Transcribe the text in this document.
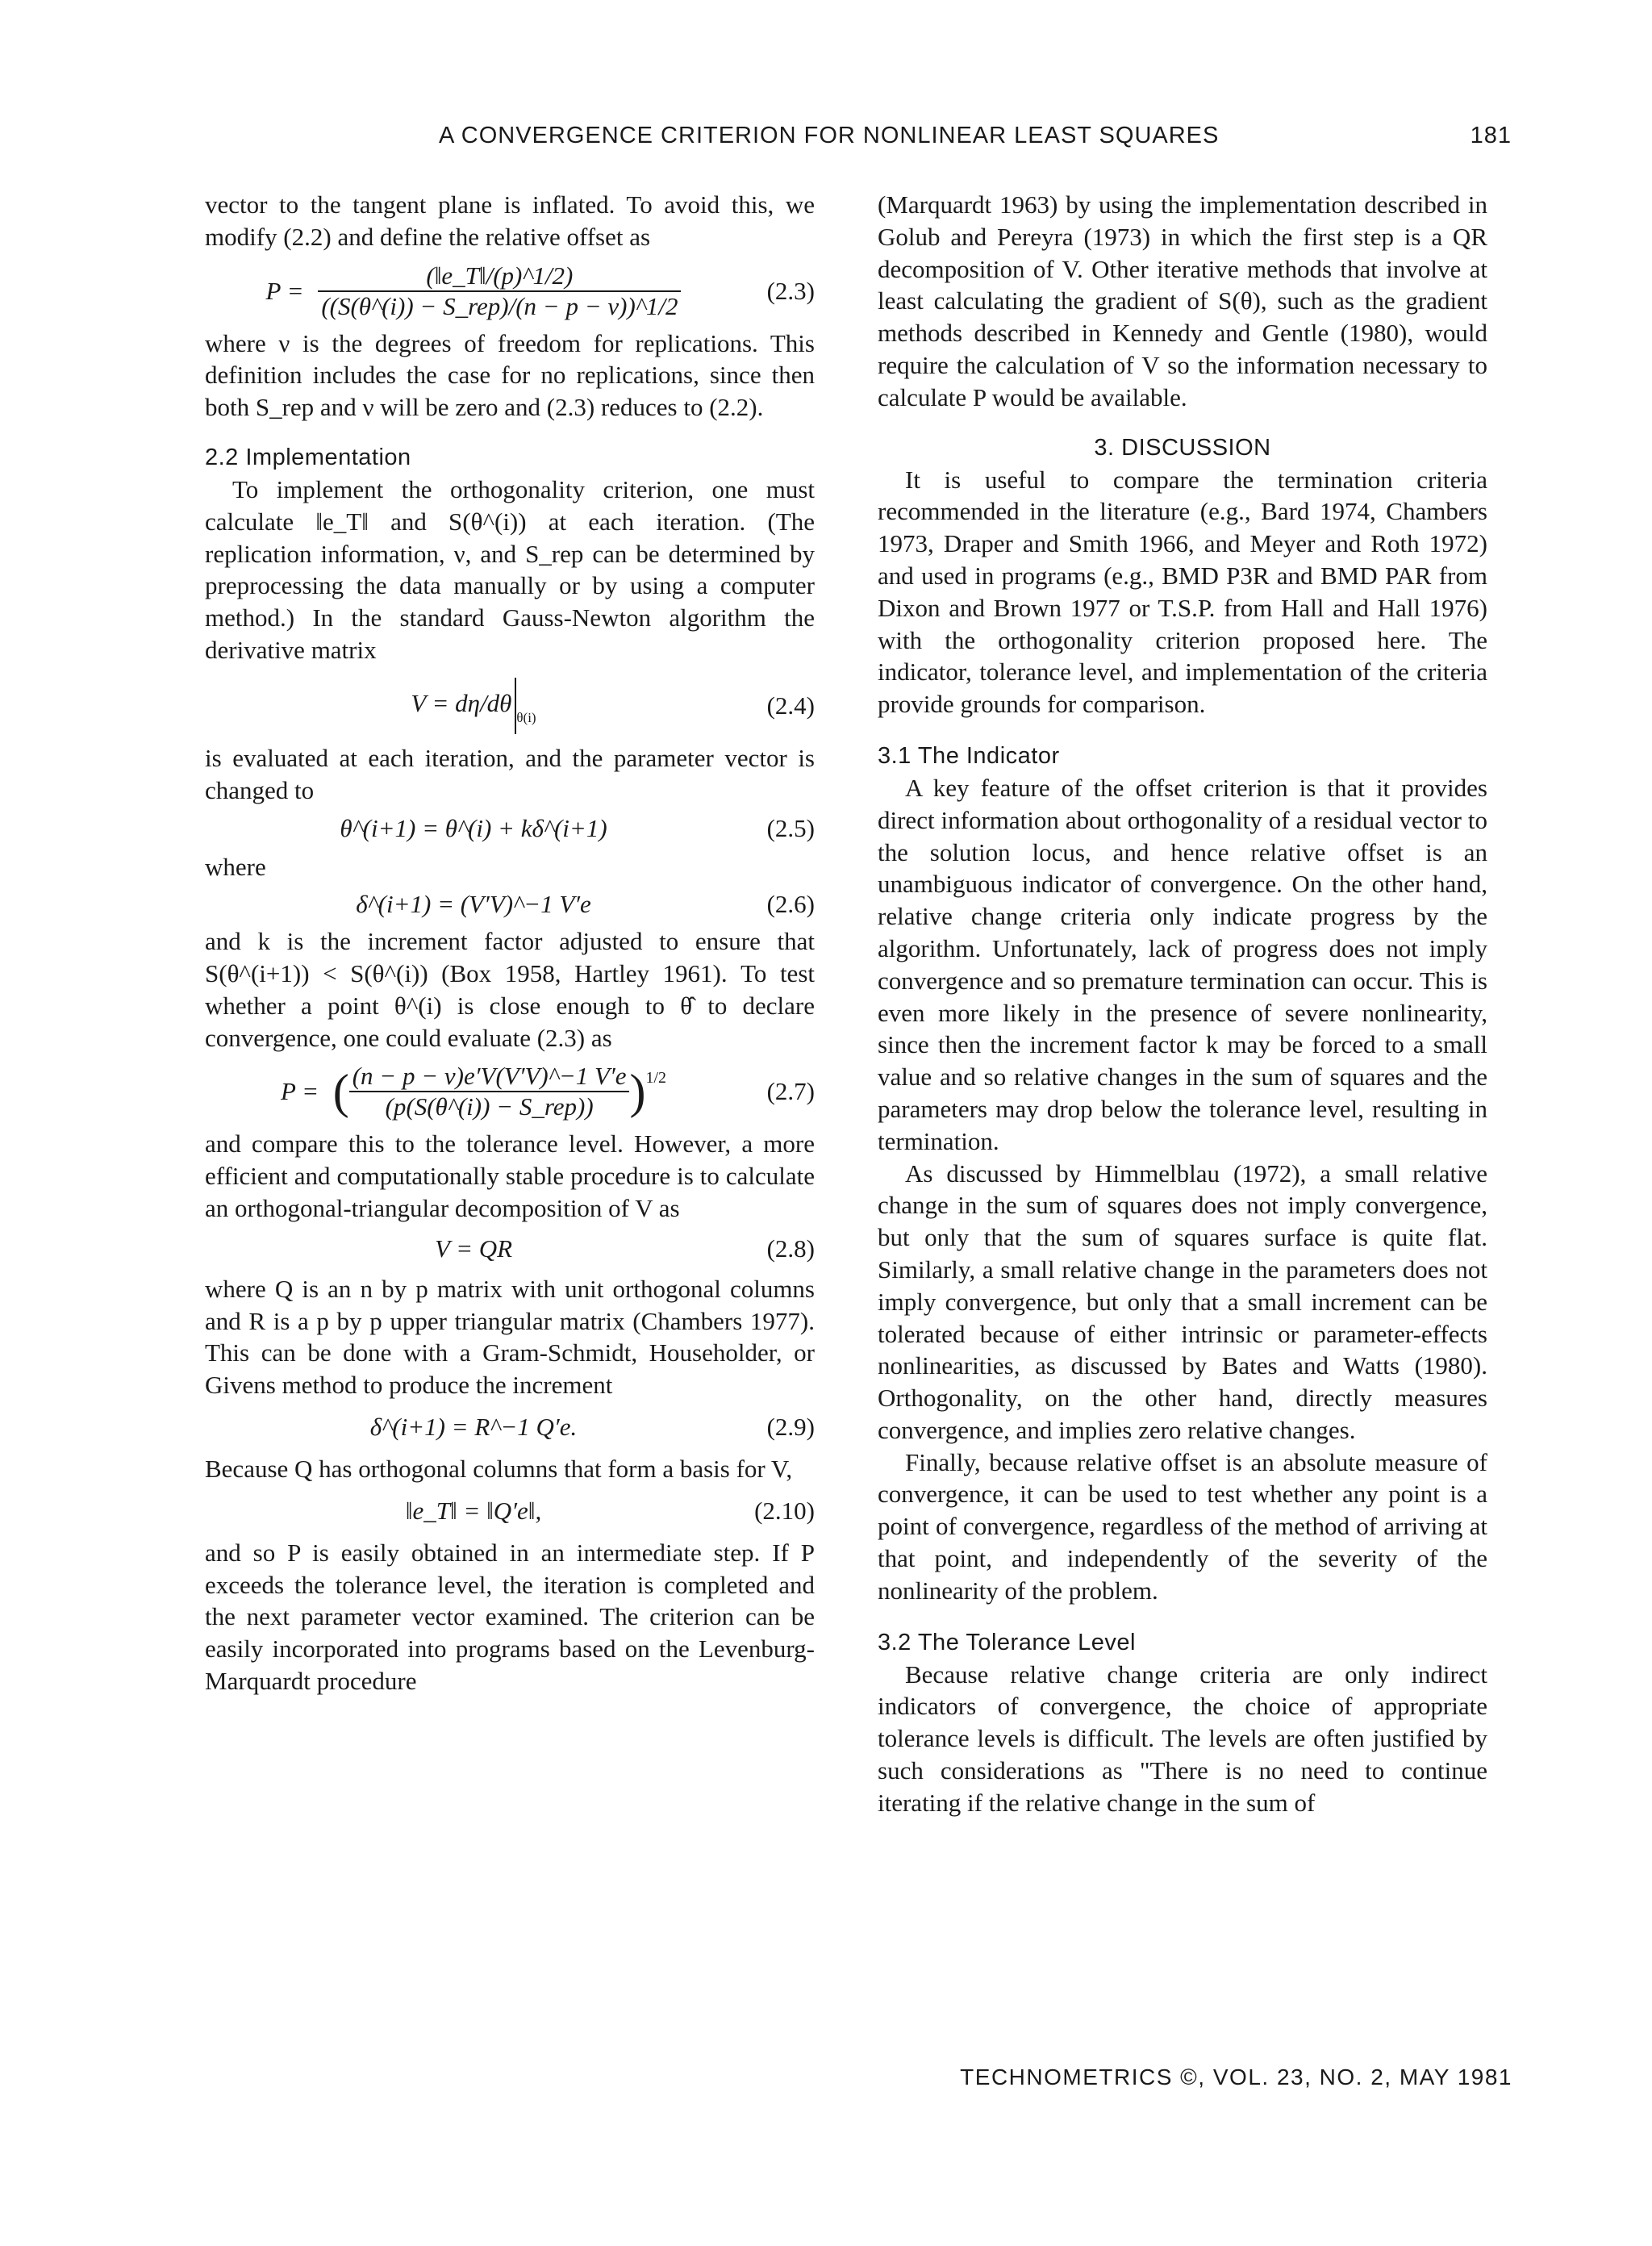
A CONVERGENCE CRITERION FOR NONLINEAR LEAST SQUARES	181

vector to the tangent plane is inflated. To avoid this, we modify (2.2) and define the relative offset as

$P = \frac{(‖e\_T‖/(p)\^{}1/2)}{\text{((S(θ\textasciicircum{}(i)) − S\_rep)/(n − p − ν))\textasciicircum{}1/2}}$	(2.3)

where ν is the degrees of freedom for replications. This definition includes the case for no replications, since then both S_rep and ν will be zero and (2.3) reduces to (2.2).

2.2 Implementation

To implement the orthogonality criterion, one must calculate ‖e_T‖ and S(θ^(i)) at each iteration. (The replication information, ν, and S_rep can be determined by preprocessing the data manually or by using a computer method.) In the standard Gauss-Newton algorithm the derivative matrix

V = dη/dθθ(i)	(2.4)

is evaluated at each iteration, and the parameter vector is changed to

θ^(i+1) = θ^(i) + kδ^(i+1)	(2.5)

where

δ^(i+1) = (V′V)^−1 V′e	(2.6)

and k is the increment factor adjusted to ensure that S(θ^(i+1)) < S(θ^(i)) (Box 1958, Hartley 1961). To test whether a point θ^(i) is close enough to θ̂ to declare convergence, one could evaluate (2.3) as

P = ( $\frac{(n - p - \nu)e'V(V'V)\^{}-1 V'e}{\text{(p(S(θ\textasciicircum{}(i)) − S\_rep))}} )^{1/2}$	(2.7)

and compare this to the tolerance level. However, a more efficient and computationally stable procedure is to calculate an orthogonal-triangular decomposition of V as

V = QR	(2.8)

where Q is an n by p matrix with unit orthogonal columns and R is a p by p upper triangular matrix (Chambers 1977). This can be done with a Gram-Schmidt, Householder, or Givens method to produce the increment

δ^(i+1) = R^−1 Q′e.	(2.9)

Because Q has orthogonal columns that form a basis for V,

‖e_T‖ = ‖Q′e‖,	(2.10)

and so P is easily obtained in an intermediate step. If P exceeds the tolerance level, the iteration is completed and the next parameter vector examined. The criterion can be easily incorporated into programs based on the Levenburg-Marquardt procedure

(Marquardt 1963) by using the implementation described in Golub and Pereyra (1973) in which the first step is a QR decomposition of V. Other iterative methods that involve at least calculating the gradient of S(θ), such as the gradient methods described in Kennedy and Gentle (1980), would require the calculation of V so the information necessary to calculate P would be available.

3. DISCUSSION

It is useful to compare the termination criteria recommended in the literature (e.g., Bard 1974, Chambers 1973, Draper and Smith 1966, and Meyer and Roth 1972) and used in programs (e.g., BMD P3R and BMD PAR from Dixon and Brown 1977 or T.S.P. from Hall and Hall 1976) with the orthogonality criterion proposed here. The indicator, tolerance level, and implementation of the criteria provide grounds for comparison.

3.1 The Indicator

A key feature of the offset criterion is that it provides direct information about orthogonality of a residual vector to the solution locus, and hence relative offset is an unambiguous indicator of convergence. On the other hand, relative change criteria only indicate progress by the algorithm. Unfortunately, lack of progress does not imply convergence and so premature termination can occur. This is even more likely in the presence of severe nonlinearity, since then the increment factor k may be forced to a small value and so relative changes in the sum of squares and the parameters may drop below the tolerance level, resulting in termination.

As discussed by Himmelblau (1972), a small relative change in the sum of squares does not imply convergence, but only that the sum of squares surface is quite flat. Similarly, a small relative change in the parameters does not imply convergence, but only that a small increment can be tolerated because of either intrinsic or parameter-effects nonlinearities, as discussed by Bates and Watts (1980). Orthogonality, on the other hand, directly measures convergence, and implies zero relative changes.

Finally, because relative offset is an absolute measure of convergence, it can be used to test whether any point is a point of convergence, regardless of the method of arriving at that point, and independently of the severity of the nonlinearity of the problem.

3.2 The Tolerance Level

Because relative change criteria are only indirect indicators of convergence, the choice of appropriate tolerance levels is difficult. The levels are often justified by such considerations as "There is no need to continue iterating if the relative change in the sum of

TECHNOMETRICS ©, VOL. 23, NO. 2, MAY 1981
